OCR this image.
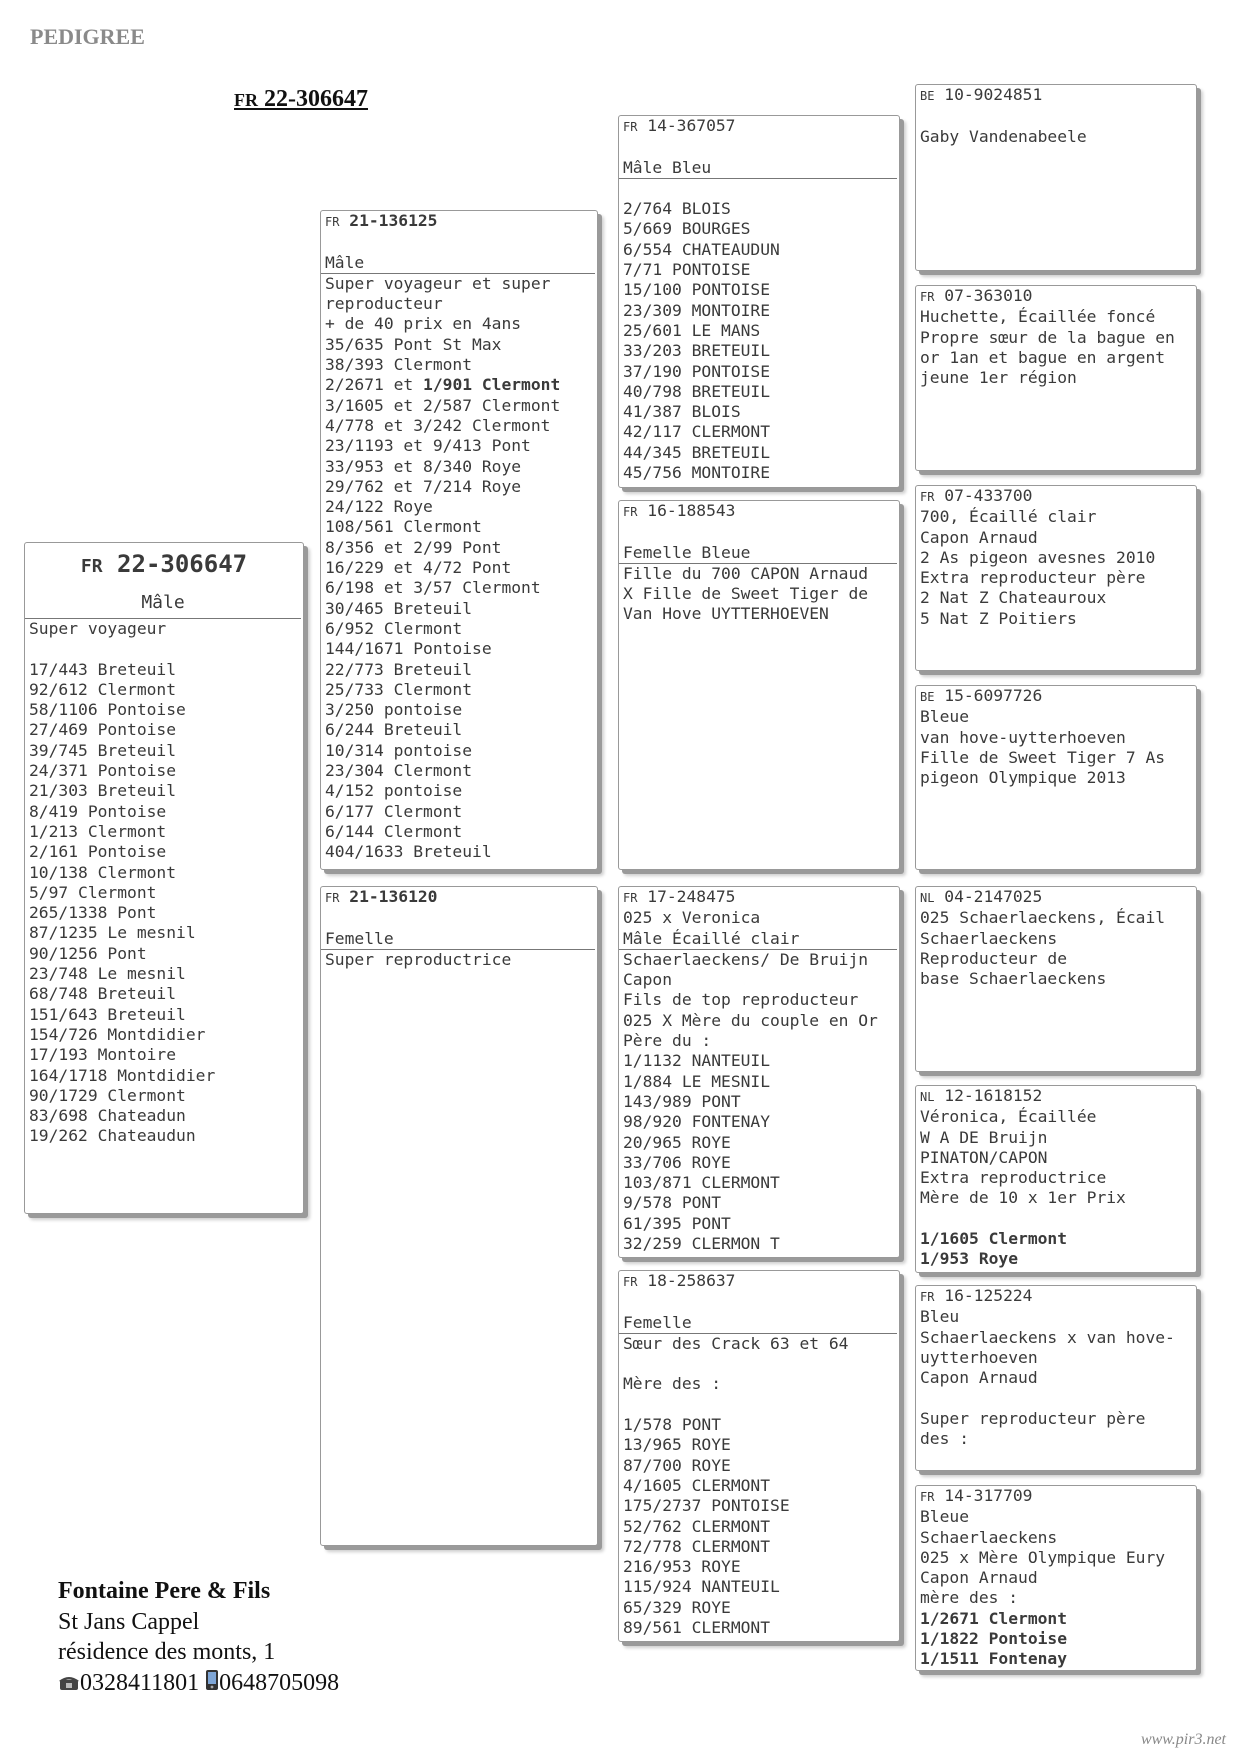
PEDIGREE
FR 22-306647
FR 22-306647
Mâle
Super voyageur
17/443 Breteuil
92/612 Clermont
58/1106 Pontoise
27/469 Pontoise
39/745 Breteuil
24/371 Pontoise
21/303 Breteuil
8/419 Pontoise
1/213 Clermont
2/161 Pontoise
10/138 Clermont
5/97 Clermont
265/1338 Pont
87/1235 Le mesnil
90/1256 Pont
23/748 Le mesnil
68/748 Breteuil
151/643 Breteuil
154/726 Montdidier
17/193 Montoire
164/1718 Montdidier
90/1729 Clermont
83/698 Chateadun
19/262 Chateaudun
FR 21-136125
Mâle
Super voyageur et super
reproducteur
+ de 40 prix en 4ans
35/635 Pont St Max
38/393 Clermont
2/2671 et 1/901 Clermont
3/1605 et 2/587 Clermont
4/778 et 3/242 Clermont
23/1193 et 9/413 Pont
33/953 et 8/340 Roye
29/762 et 7/214 Roye
24/122 Roye
108/561 Clermont
8/356 et 2/99 Pont
16/229 et 4/72 Pont
6/198 et 3/57 Clermont
30/465 Breteuil
6/952 Clermont
144/1671 Pontoise
22/773 Breteuil
25/733 Clermont
3/250 pontoise
6/244 Breteuil
10/314 pontoise
23/304 Clermont
4/152 pontoise
6/177 Clermont
6/144 Clermont
404/1633 Breteuil
FR 21-136120
Femelle
Super reproductrice
FR 14-367057
Mâle Bleu
2/764 BLOIS
5/669 BOURGES
6/554 CHATEAUDUN
7/71 PONTOISE
15/100 PONTOISE
23/309 MONTOIRE
25/601 LE MANS
33/203 BRETEUIL
37/190 PONTOISE
40/798 BRETEUIL
41/387 BLOIS
42/117 CLERMONT
44/345 BRETEUIL
45/756 MONTOIRE
FR 16-188543
Femelle Bleue
Fille du 700 CAPON Arnaud
X Fille de Sweet Tiger de
Van Hove UYTTERHOEVEN
FR 17-248475
025 x Veronica
Mâle Écaillé clair
Schaerlaeckens/ De Bruijn
Capon
Fils de top reproducteur
025 X Mère du couple en Or
Père du :
1/1132 NANTEUIL
1/884 LE MESNIL
143/989 PONT
98/920 FONTENAY
20/965 ROYE
33/706 ROYE
103/871 CLERMONT
9/578 PONT
61/395 PONT
32/259 CLERMON T
FR 18-258637
Femelle
Sœur des Crack 63 et 64
Mère des :
1/578 PONT
13/965 ROYE
87/700 ROYE
4/1605 CLERMONT
175/2737 PONTOISE
52/762 CLERMONT
72/778 CLERMONT
216/953 ROYE
115/924 NANTEUIL
65/329 ROYE
89/561 CLERMONT
BE 10-9024851
Gaby Vandenabeele
FR 07-363010
Huchette, Écaillée foncé
Propre sœur de la bague en
or 1an et bague en argent
jeune 1er région
FR 07-433700
700, Écaillé clair
Capon Arnaud
2 As pigeon avesnes 2010
Extra reproducteur père
2 Nat Z Chateauroux
5 Nat Z Poitiers
BE 15-6097726
Bleue
van hove-uytterhoeven
Fille de Sweet Tiger 7 As
pigeon Olympique 2013
NL 04-2147025
025 Schaerlaeckens, Écail
Schaerlaeckens
Reproducteur de
base Schaerlaeckens
NL 12-1618152
Véronica, Écaillée
W A DE Bruijn
PINATON/CAPON
Extra reproductrice
Mère de 10 x 1er Prix
1/1605 Clermont
1/953 Roye
FR 16-125224
Bleu
Schaerlaeckens x van hove-
uytterhoeven
Capon Arnaud
Super reproducteur père
des :
FR 14-317709
Bleue
Schaerlaeckens
025 x Mère Olympique Eury
Capon Arnaud
mère des :
1/2671 Clermont
1/1822 Pontoise
1/1511 Fontenay
Fontaine Pere & Fils
St Jans Cappel
résidence des monts, 1
0328411801 0648705098
www.pir3.net
